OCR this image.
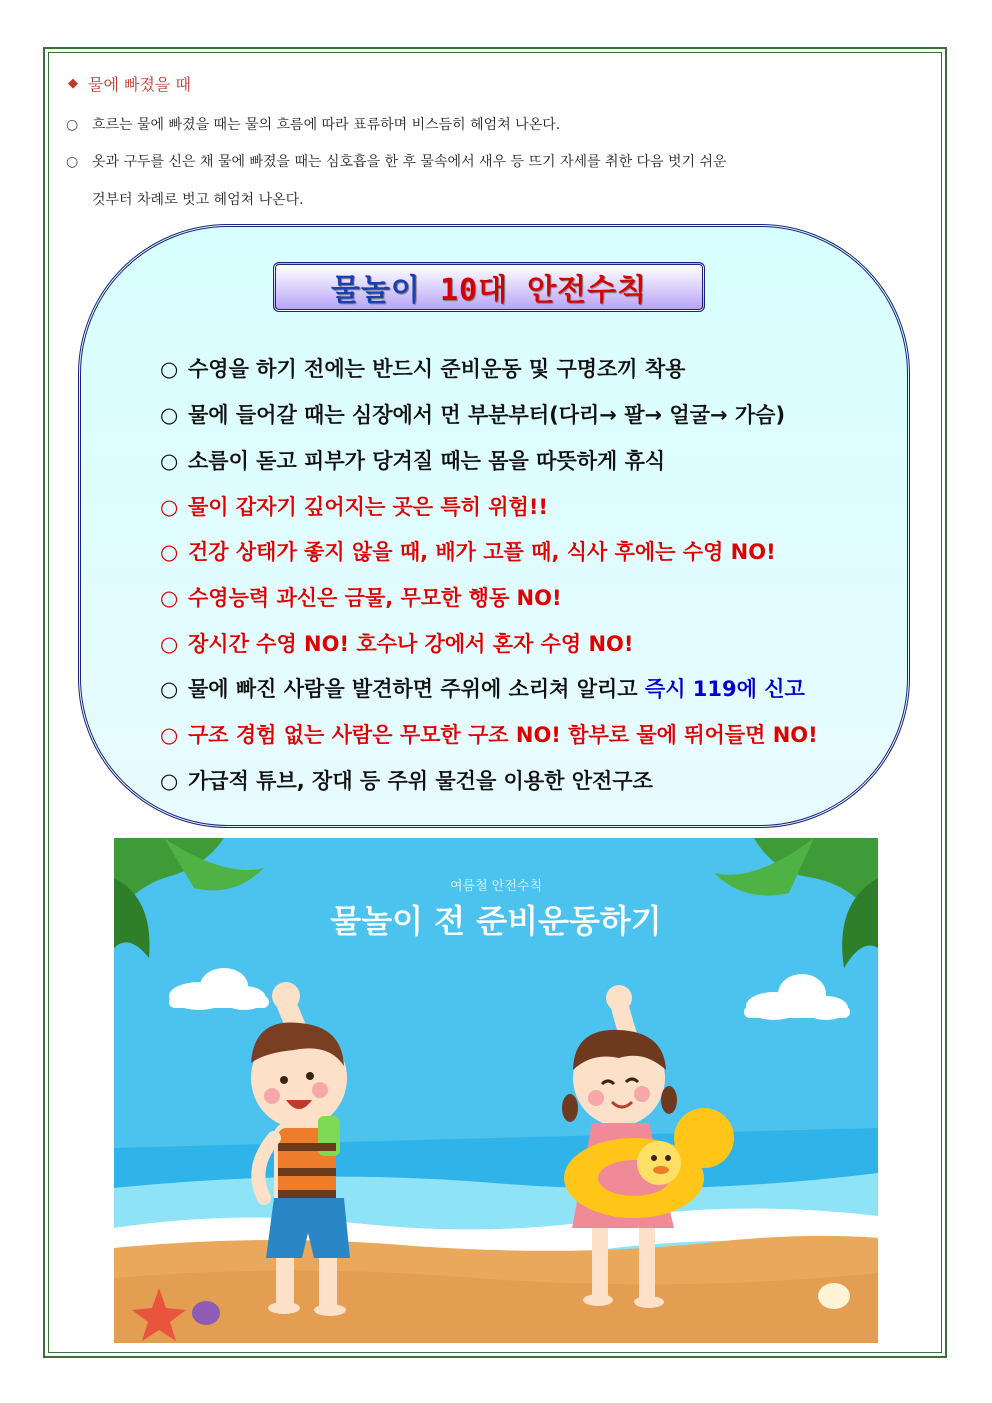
◆ 물에 빠졌을 때
○ 흐르는 물에 빠졌을 때는 물의 흐름에 따라 표류하며 비스듬히 헤엄쳐 나온다.
○ 옷과 구두를 신은 채 물에 빠졌을 때는 심호흡을 한 후 물속에서 새우 등 뜨기 자세를 취한 다음 벗기 쉬운
것부터 차례로 벗고 헤엄쳐 나온다.
물놀이
10대
안전수칙
○ 수영을 하기 전에는 반드시 준비운동 및 구명조끼 착용
○ 물에 들어갈 때는 심장에서 먼 부분부터(다리→ 팔→ 얼굴→ 가슴)
○ 소름이 돋고 피부가 당겨질 때는 몸을 따뜻하게 휴식
○ 물이 갑자기 깊어지는 곳은 특히 위험!!
○ 건강 상태가 좋지 않을 때, 배가 고플 때, 식사 후에는 수영 NO!
○ 수영능력 과신은 금물, 무모한 행동 NO!
○ 장시간 수영 NO! 호수나 강에서 혼자 수영 NO!
○ 물에 빠진 사람을 발견하면 주위에 소리쳐 알리고 즉시 119에 신고
○ 구조 경험 없는 사람은 무모한 구조 NO! 함부로 물에 뛰어들면 NO!
○ 가급적 튜브, 장대 등 주위 물건을 이용한 안전구조
여름철 안전수칙
물놀이 전 준비운동하기
